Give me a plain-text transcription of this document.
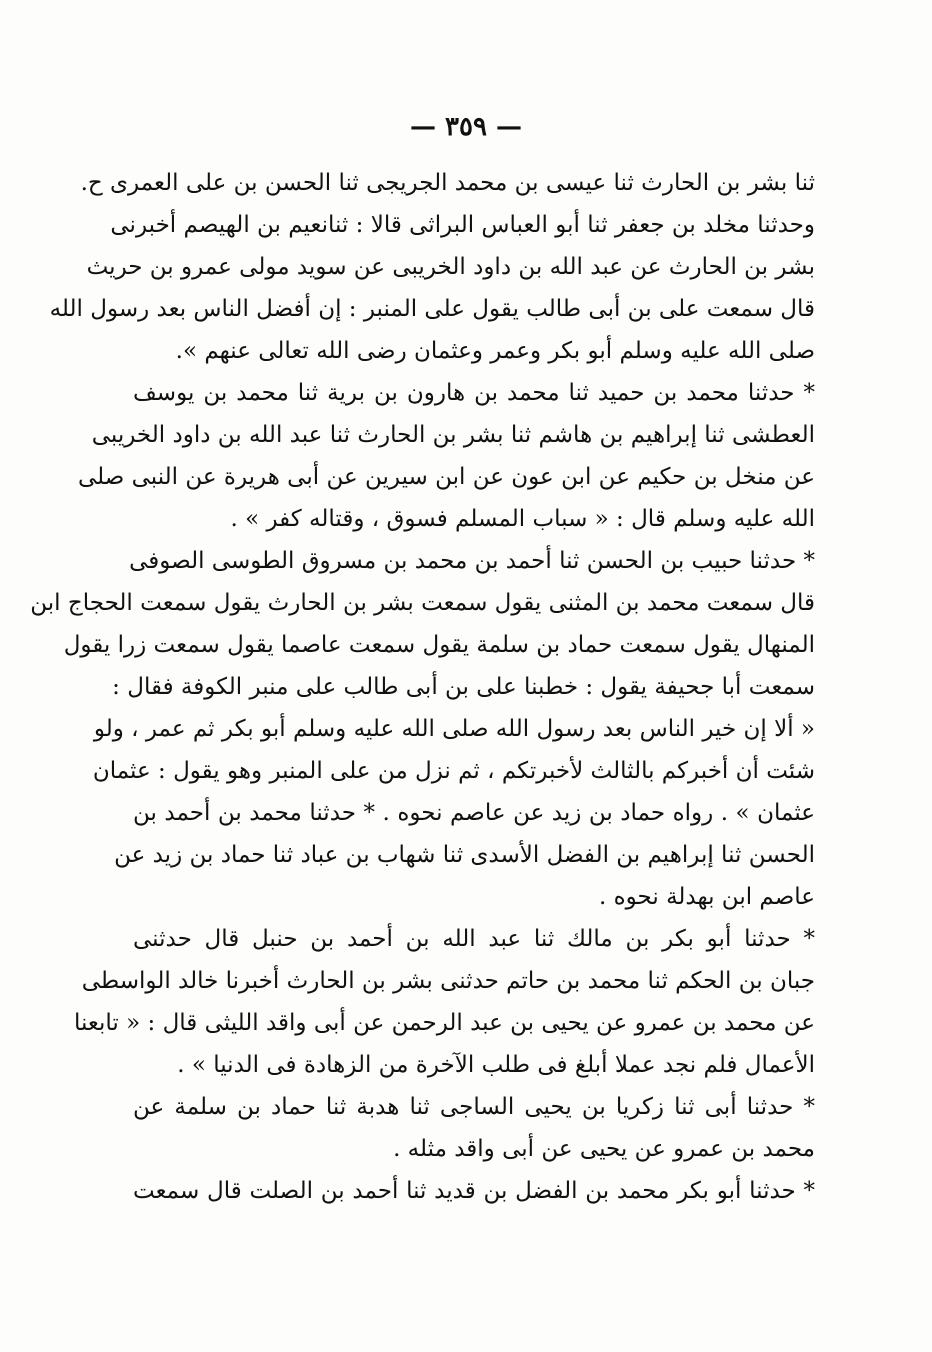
— ٣٥٩ —
ثنا بشر بن الحارث ثنا عيسى بن محمد الجريجى ثنا الحسن بن على العمرى ح.
وحدثنا مخلد بن جعفر ثنا أبو العباس البراثى قالا : ثنانعيم بن الهيصم أخبرنى
بشر بن الحارث عن عبد الله بن داود الخريبى عن سويد مولى عمرو بن حريث
قال سمعت على بن أبى طالب يقول على المنبر : إن أفضل الناس بعد رسول الله
صلى الله عليه وسلم أبو بكر وعمر وعثمان رضى الله تعالى عنهم ».
* حدثنا محمد بن حميد ثنا محمد بن هارون بن برية ثنا محمد بن يوسف
العطشى ثنا إبراهيم بن هاشم ثنا بشر بن الحارث ثنا عبد الله بن داود الخريبى
عن منخل بن حكيم عن ابن عون عن ابن سيرين عن أبى هريرة عن النبى صلى
الله عليه وسلم قال : « سباب المسلم فسوق ، وقتاله كفر » .
* حدثنا حبيب بن الحسن ثنا أحمد بن محمد بن مسروق الطوسى الصوفى
قال سمعت محمد بن المثنى يقول سمعت بشر بن الحارث يقول سمعت الحجاج ابن
المنهال يقول سمعت حماد بن سلمة يقول سمعت عاصما يقول سمعت زرا يقول
سمعت أبا جحيفة يقول : خطبنا على بن أبى طالب على منبر الكوفة فقال :
« ألا إن خير الناس بعد رسول الله صلى الله عليه وسلم أبو بكر ثم عمر ، ولو
شئت أن أخبركم بالثالث لأخبرتكم ، ثم نزل من على المنبر وهو يقول : عثمان
عثمان » . رواه حماد بن زيد عن عاصم نحوه . * حدثنا محمد بن أحمد بن
الحسن ثنا إبراهيم بن الفضل الأسدى ثنا شهاب بن عباد ثنا حماد بن زيد عن
عاصم ابن بهدلة نحوه .
* حدثنا أبو بكر بن مالك ثنا عبد الله بن أحمد بن حنبل قال حدثنى
جبان بن الحكم ثنا محمد بن حاتم حدثنى بشر بن الحارث أخبرنا خالد الواسطى
عن محمد بن عمرو عن يحيى بن عبد الرحمن عن أبى واقد الليثى قال : « تابعنا
الأعمال فلم نجد عملا أبلغ فى طلب الآخرة من الزهادة فى الدنيا » .
* حدثنا أبى ثنا زكريا بن يحيى الساجى ثنا هدبة ثنا حماد بن سلمة عن
محمد بن عمرو عن يحيى عن أبى واقد مثله .
* حدثنا أبو بكر محمد بن الفضل بن قديد ثنا أحمد بن الصلت قال سمعت
